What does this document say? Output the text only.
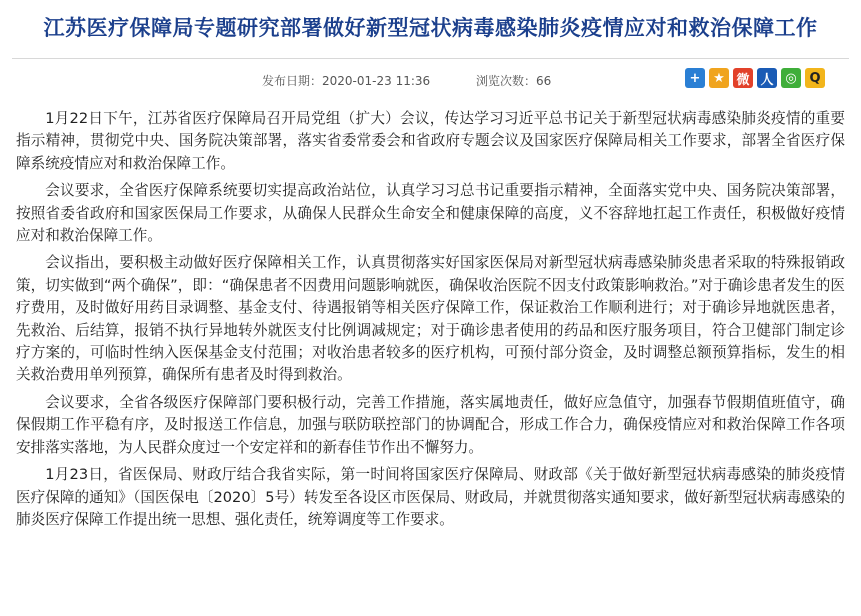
江苏医疗保障局专题研究部署做好新型冠状病毒感染肺炎疫情应对和救治保障工作
发布日期：2020-01-23 11:36	浏览次数：66	+ ★ 微 人 ◎ Q

1月22日下午，江苏省医疗保障局召开局党组（扩大）会议，传达学习习近平总书记关于新型冠状病毒感染肺炎疫情的重要指示精神，贯彻党中央、国务院决策部署，落实省委常委会和省政府专题会议及国家医疗保障局相关工作要求，部署全省医疗保障系统疫情应对和救治保障工作。

会议要求，全省医疗保障系统要切实提高政治站位，认真学习习总书记重要指示精神，全面落实党中央、国务院决策部署，按照省委省政府和国家医保局工作要求，从确保人民群众生命安全和健康保障的高度，义不容辞地扛起工作责任，积极做好疫情应对和救治保障工作。

会议指出，要积极主动做好医疗保障相关工作，认真贯彻落实好国家医保局对新型冠状病毒感染肺炎患者采取的特殊报销政策，切实做到“两个确保”，即：“确保患者不因费用问题影响就医，确保收治医院不因支付政策影响救治。”对于确诊患者发生的医疗费用，及时做好用药目录调整、基金支付、待遇报销等相关医疗保障工作，保证救治工作顺利进行；对于确诊异地就医患者，先救治、后结算，报销不执行异地转外就医支付比例调减规定；对于确诊患者使用的药品和医疗服务项目，符合卫健部门制定诊疗方案的，可临时性纳入医保基金支付范围；对收治患者较多的医疗机构，可预付部分资金，及时调整总额预算指标，发生的相关救治费用单列预算，确保所有患者及时得到救治。

会议要求，全省各级医疗保障部门要积极行动，完善工作措施，落实属地责任，做好应急值守，加强春节假期值班值守，确保假期工作平稳有序，及时报送工作信息，加强与联防联控部门的协调配合，形成工作合力，确保疫情应对和救治保障工作各项安排落实落地，为人民群众度过一个安定祥和的新春佳节作出不懈努力。

1月23日，省医保局、财政厅结合我省实际，第一时间将国家医疗保障局、财政部《关于做好新型冠状病毒感染的肺炎疫情医疗保障的通知》（国医保电〔2020〕5号）转发至各设区市医保局、财政局，并就贯彻落实通知要求，做好新型冠状病毒感染的肺炎医疗保障工作提出统一思想、强化责任，统筹调度等工作要求。
